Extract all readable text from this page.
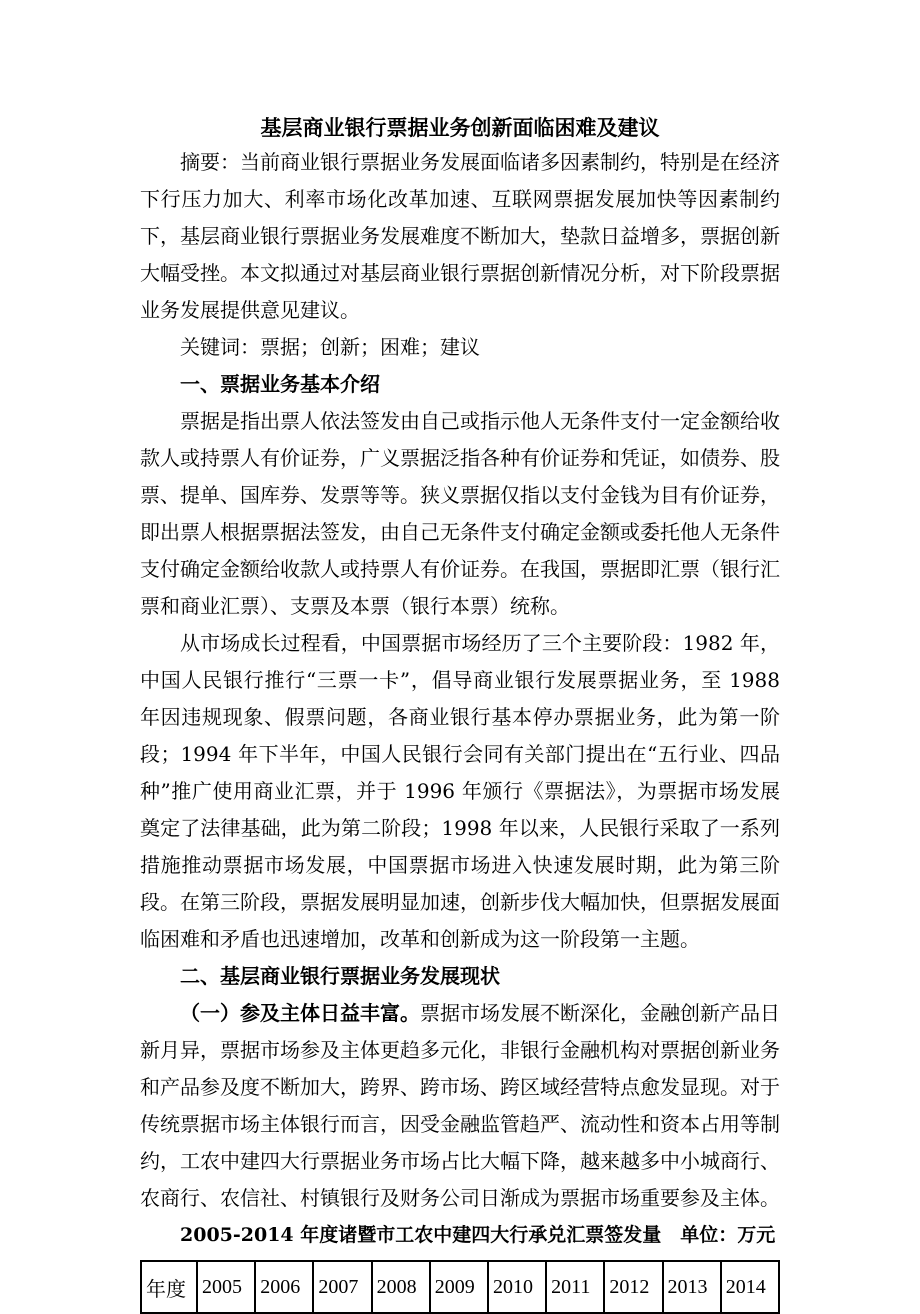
基层商业银行票据业务创新面临困难及建议

摘要：当前商业银行票据业务发展面临诸多因素制约，特别是在经济下行压力加大、利率市场化改革加速、互联网票据发展加快等因素制约下，基层商业银行票据业务发展难度不断加大，垫款日益增多，票据创新大幅受挫。本文拟通过对基层商业银行票据创新情况分析，对下阶段票据业务发展提供意见建议。

关键词：票据；创新；困难；建议

一、票据业务基本介绍

票据是指出票人依法签发由自己或指示他人无条件支付一定金额给收款人或持票人有价证券，广义票据泛指各种有价证券和凭证，如债券、股票、提单、国库券、发票等等。狭义票据仅指以支付金钱为目有价证券，即出票人根据票据法签发，由自己无条件支付确定金额或委托他人无条件支付确定金额给收款人或持票人有价证券。在我国，票据即汇票（银行汇票和商业汇票）、支票及本票（银行本票）统称。

从市场成长过程看，中国票据市场经历了三个主要阶段：1982 年，中国人民银行推行“三票一卡”，倡导商业银行发展票据业务，至 1988 年因违规现象、假票问题，各商业银行基本停办票据业务，此为第一阶段；1994 年下半年，中国人民银行会同有关部门提出在“五行业、四品种”推广使用商业汇票，并于 1996 年颁行《票据法》，为票据市场发展奠定了法律基础，此为第二阶段；1998 年以来，人民银行采取了一系列措施推动票据市场发展，中国票据市场进入快速发展时期，此为第三阶段。在第三阶段，票据发展明显加速，创新步伐大幅加快，但票据发展面临困难和矛盾也迅速增加，改革和创新成为这一阶段第一主题。

二、基层商业银行票据业务发展现状

（一）参及主体日益丰富。票据市场发展不断深化，金融创新产品日新月异，票据市场参及主体更趋多元化，非银行金融机构对票据创新业务和产品参及度不断加大，跨界、跨市场、跨区域经营特点愈发显现。对于传统票据市场主体银行而言，因受金融监管趋严、流动性和资本占用等制约，工农中建四大行票据业务市场占比大幅下降，越来越多中小城商行、农商行、农信社、村镇银行及财务公司日渐成为票据市场重要参及主体。

2005-2014 年度诸暨市工农中建四大行承兑汇票签发量　单位：万元

年度	2005	2006	2007	2008	2009	2010	2011	2012	2013	2014
